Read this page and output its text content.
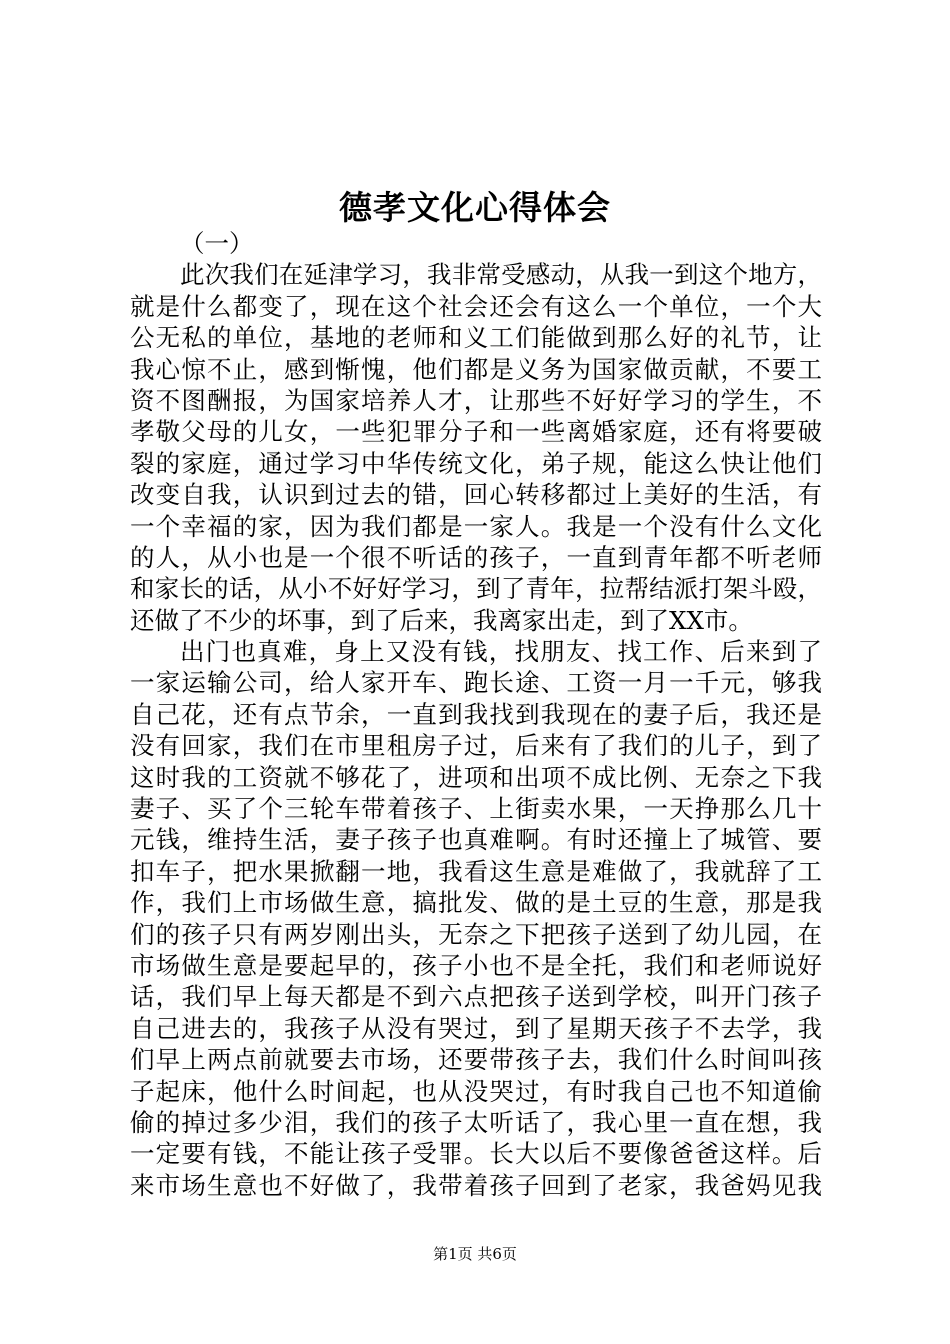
德孝文化心得体会
（一）
此次我们在延津学习，我非常受感动，从我一到这个地方，
就是什么都变了，现在这个社会还会有这么一个单位，一个大
公无私的单位，基地的老师和义工们能做到那么好的礼节，让
我心惊不止，感到惭愧，他们都是义务为国家做贡献，不要工
资不图酬报，为国家培养人才，让那些不好好学习的学生，不
孝敬父母的儿女，一些犯罪分子和一些离婚家庭，还有将要破
裂的家庭，通过学习中华传统文化，弟子规，能这么快让他们
改变自我，认识到过去的错，回心转移都过上美好的生活，有
一个幸福的家，因为我们都是一家人。我是一个没有什么文化
的人，从小也是一个很不听话的孩子，一直到青年都不听老师
和家长的话，从小不好好学习，到了青年，拉帮结派打架斗殴，
还做了不少的坏事，到了后来，我离家出走，到了XX市。
出门也真难，身上又没有钱，找朋友、找工作、后来到了
一家运输公司，给人家开车、跑长途、工资一月一千元，够我
自己花，还有点节余，一直到我找到我现在的妻子后，我还是
没有回家，我们在市里租房子过，后来有了我们的儿子，到了
这时我的工资就不够花了，进项和出项不成比例、无奈之下我
妻子、买了个三轮车带着孩子、上街卖水果，一天挣那么几十
元钱，维持生活，妻子孩子也真难啊。有时还撞上了城管、要
扣车子，把水果掀翻一地，我看这生意是难做了，我就辞了工
作，我们上市场做生意，搞批发、做的是土豆的生意，那是我
们的孩子只有两岁刚出头，无奈之下把孩子送到了幼儿园，在
市场做生意是要起早的，孩子小也不是全托，我们和老师说好
话，我们早上每天都是不到六点把孩子送到学校，叫开门孩子
自己进去的，我孩子从没有哭过，到了星期天孩子不去学，我
们早上两点前就要去市场，还要带孩子去，我们什么时间叫孩
子起床，他什么时间起，也从没哭过，有时我自己也不知道偷
偷的掉过多少泪，我们的孩子太听话了，我心里一直在想，我
一定要有钱，不能让孩子受罪。长大以后不要像爸爸这样。后
来市场生意也不好做了，我带着孩子回到了老家，我爸妈见我
第1页 共6页
